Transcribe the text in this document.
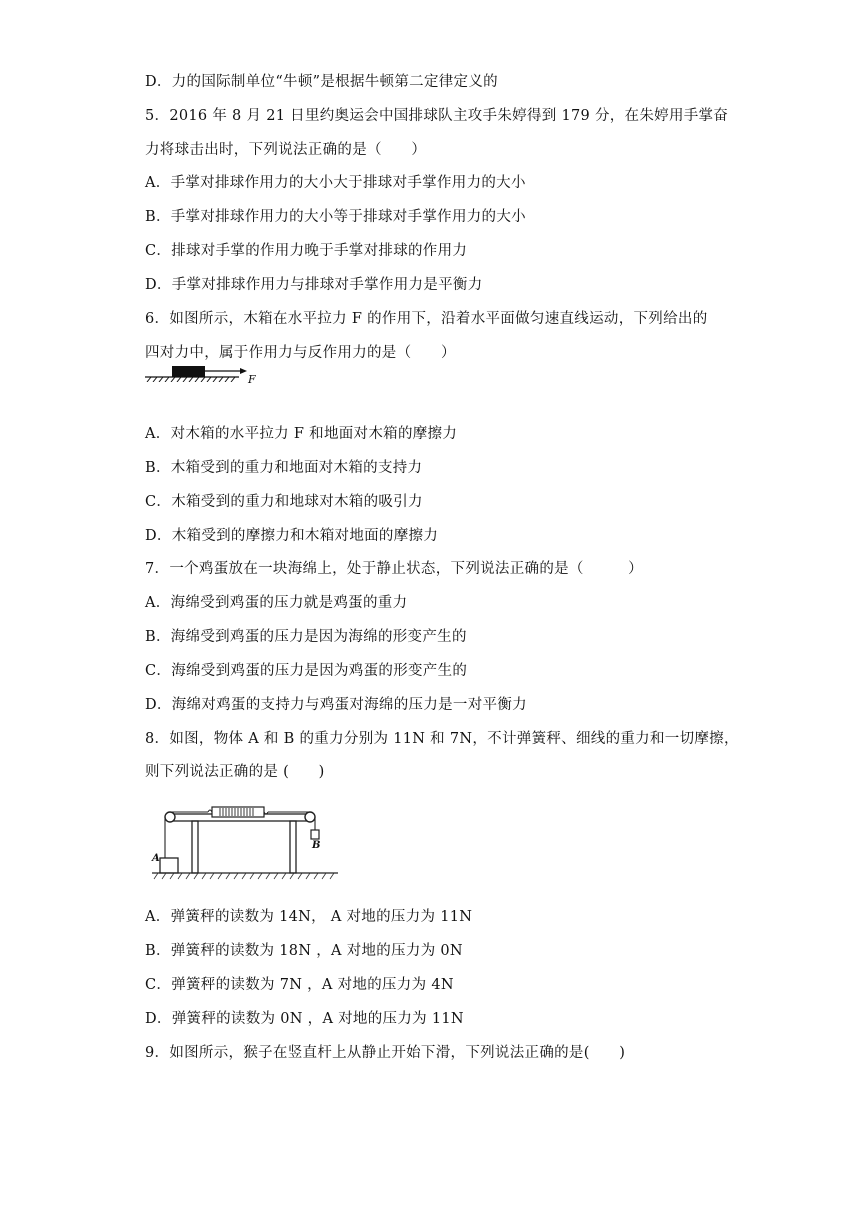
D．力的国际制单位“牛顿”是根据牛顿第二定律定义的
5．2016 年 8 月 21 日里约奥运会中国排球队主攻手朱婷得到 179 分，在朱婷用手掌奋
力将球击出时，下列说法正确的是（　　）
A．手掌对排球作用力的大小大于排球对手掌作用力的大小
B．手掌对排球作用力的大小等于排球对手掌作用力的大小
C．排球对手掌的作用力晚于手掌对排球的作用力
D．手掌对排球作用力与排球对手掌作用力是平衡力
6．如图所示，木箱在水平拉力 F 的作用下，沿着水平面做匀速直线运动，下列给出的
四对力中，属于作用力与反作用力的是（　　）
F
A．对木箱的水平拉力 F 和地面对木箱的摩擦力
B．木箱受到的重力和地面对木箱的支持力
C．木箱受到的重力和地球对木箱的吸引力
D．木箱受到的摩擦力和木箱对地面的摩擦力
7．一个鸡蛋放在一块海绵上，处于静止状态，下列说法正确的是（　　　）
A．海绵受到鸡蛋的压力就是鸡蛋的重力
B．海绵受到鸡蛋的压力是因为海绵的形变产生的
C．海绵受到鸡蛋的压力是因为鸡蛋的形变产生的
D．海绵对鸡蛋的支持力与鸡蛋对海绵的压力是一对平衡力
8．如图，物体 A 和 B 的重力分别为 11N 和 7N，不计弹簧秤、细线的重力和一切摩擦，
则下列说法正确的是 (　　)
A
B
A．弹簧秤的读数为 14N， A 对地的压力为 11N
B．弹簧秤的读数为 18N ，A 对地的压力为 0N
C．弹簧秤的读数为 7N ，A 对地的压力为 4N
D．弹簧秤的读数为 0N ，A 对地的压力为 11N
9．如图所示，猴子在竖直杆上从静止开始下滑，下列说法正确的是(　　)
